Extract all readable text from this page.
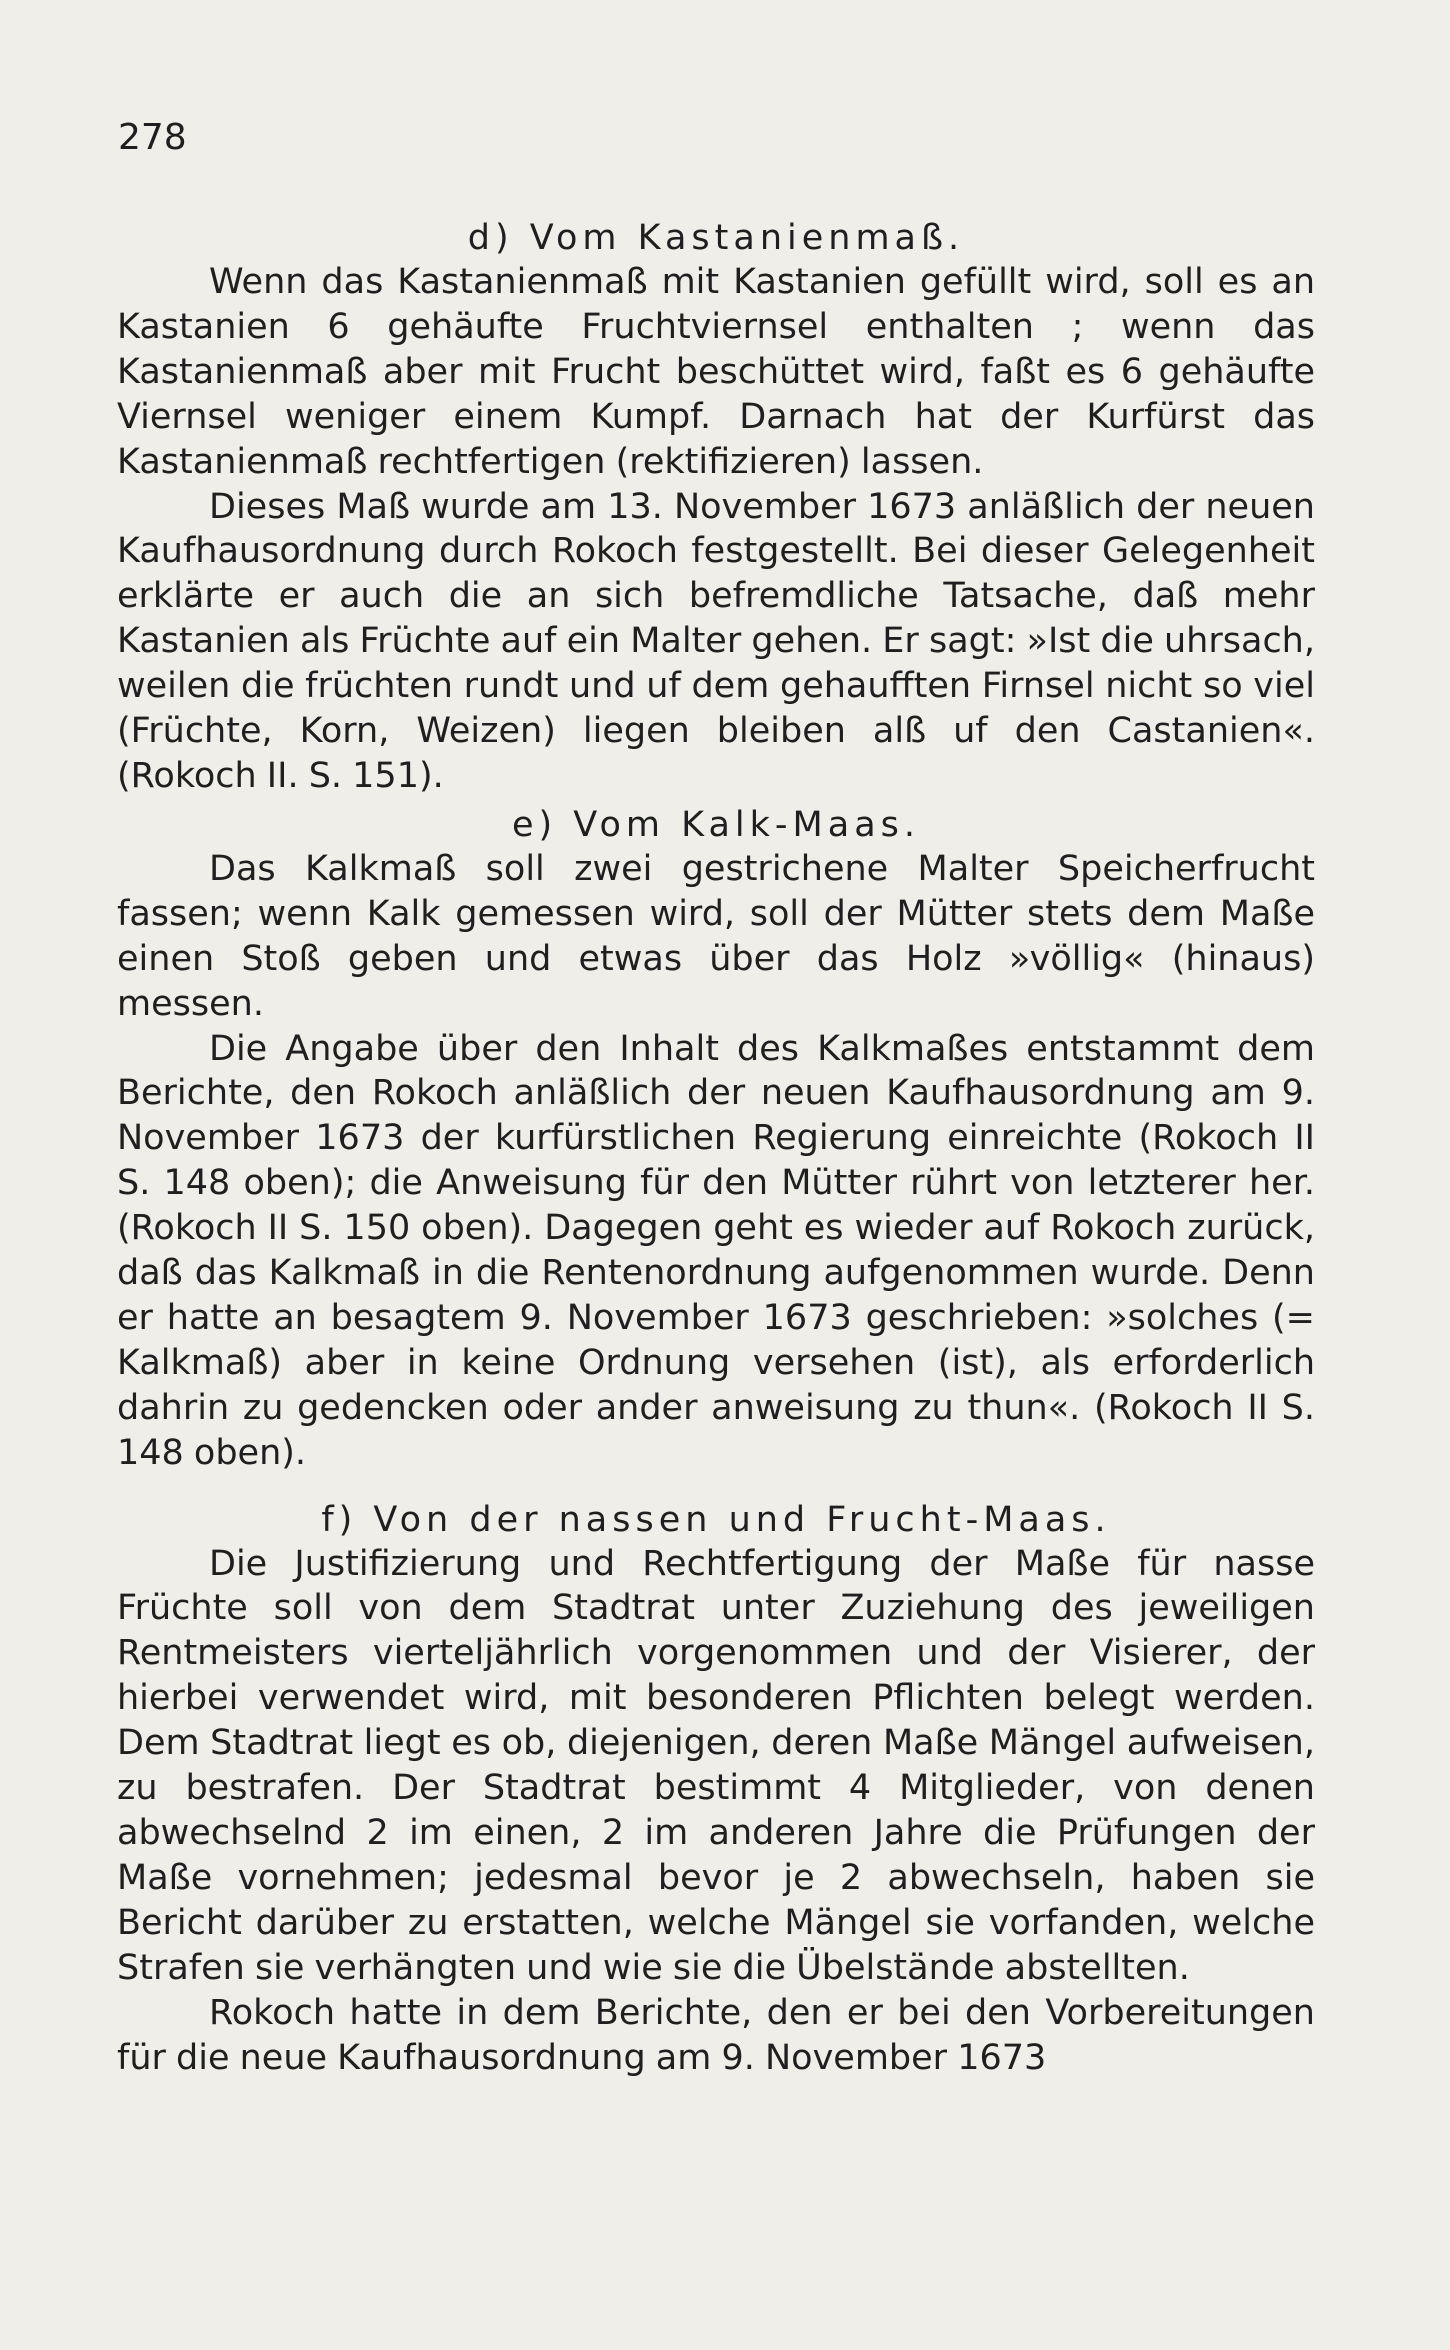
278
d) Vom Kastanienmaß.

Wenn das Kastanienmaß mit Kastanien gefüllt wird, soll es an Kastanien 6 gehäufte Fruchtviernsel enthalten ; wenn das Kastanienmaß aber mit Frucht beschüttet wird, faßt es 6 gehäufte Viernsel weniger einem Kumpf. Darnach hat der Kurfürst das Kastanienmaß rechtfertigen (rektifizieren) lassen.

Dieses Maß wurde am 13. November 1673 anläßlich der neuen Kaufhausordnung durch Rokoch festgestellt. Bei dieser Gelegenheit erklärte er auch die an sich befremdliche Tatsache, daß mehr Kastanien als Früchte auf ein Malter gehen. Er sagt: »Ist die uhrsach, weilen die früchten rundt und uf dem gehaufften Firnsel nicht so viel (Früchte, Korn, Weizen) liegen bleiben alß uf den Castanien«. (Rokoch II. S. 151).

e) Vom Kalk-Maas.

Das Kalkmaß soll zwei gestrichene Malter Speicherfrucht fassen; wenn Kalk gemessen wird, soll der Mütter stets dem Maße einen Stoß geben und etwas über das Holz »völlig« (hinaus) messen.

Die Angabe über den Inhalt des Kalkmaßes entstammt dem Berichte, den Rokoch anläßlich der neuen Kaufhausordnung am 9. November 1673 der kurfürstlichen Regierung einreichte (Rokoch II S. 148 oben); die Anweisung für den Mütter rührt von letzterer her. (Rokoch II S. 150 oben). Dagegen geht es wieder auf Rokoch zurück, daß das Kalkmaß in die Rentenordnung aufgenommen wurde. Denn er hatte an besagtem 9. November 1673 geschrieben: »solches (= Kalkmaß) aber in keine Ordnung versehen (ist), als erforderlich dahrin zu gedencken oder ander anweisung zu thun«. (Rokoch II S. 148 oben).

f) Von der nassen und Frucht-Maas.

Die Justifizierung und Rechtfertigung der Maße für nasse Früchte soll von dem Stadtrat unter Zuziehung des jeweiligen Rentmeisters vierteljährlich vorgenommen und der Visierer, der hierbei verwendet wird, mit besonderen Pflichten belegt werden. Dem Stadtrat liegt es ob, diejenigen, deren Maße Mängel aufweisen, zu bestrafen. Der Stadtrat bestimmt 4 Mitglieder, von denen abwechselnd 2 im einen, 2 im anderen Jahre die Prüfungen der Maße vornehmen; jedesmal bevor je 2 abwechseln, haben sie Bericht darüber zu erstatten, welche Mängel sie vorfanden, welche Strafen sie verhängten und wie sie die Übelstände abstellten.

Rokoch hatte in dem Berichte, den er bei den Vorbereitungen für die neue Kaufhausordnung am 9. November 1673
